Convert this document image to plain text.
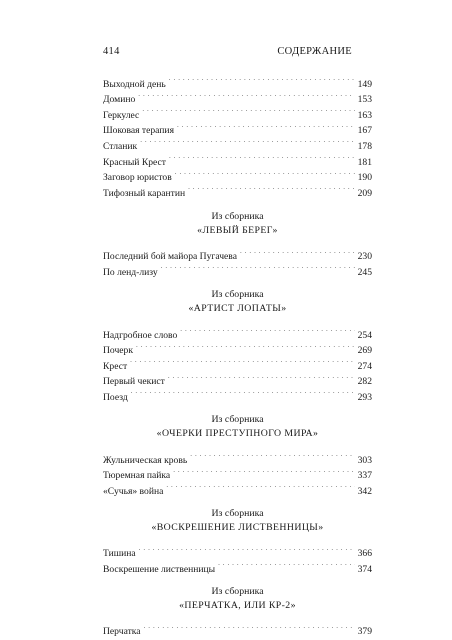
414	СОДЕРЖАНИЕ
Выходной день . . .	149
Домино . . .	153
Геркулес . . .	163
Шоковая терапия . . .	167
Стланик . . .	178
Красный Крест . . .	181
Заговор юристов . . .	190
Тифозный карантин . . .	209
Из сборника
«ЛЕВЫЙ БЕРЕГ»
Последний бой майора Пугачева . . .	230
По ленд-лизу . . .	245
Из сборника
«АРТИСТ ЛОПАТЫ»
Надгробное слово . . .	254
Почерк . . .	269
Крест . . .	274
Первый чекист . . .	282
Поезд . . .	293
Из сборника
«ОЧЕРКИ ПРЕСТУПНОГО МИРА»
Жульническая кровь . . .	303
Тюремная пайка . . .	337
«Сучья» война . . .	342
Из сборника
«ВОСКРЕШЕНИЕ ЛИСТВЕННИЦЫ»
Тишина . . .	366
Воскрешение лиственницы . . .	374
Из сборника
«ПЕРЧАТКА, ИЛИ КР-2»
Перчатка . . .	379
